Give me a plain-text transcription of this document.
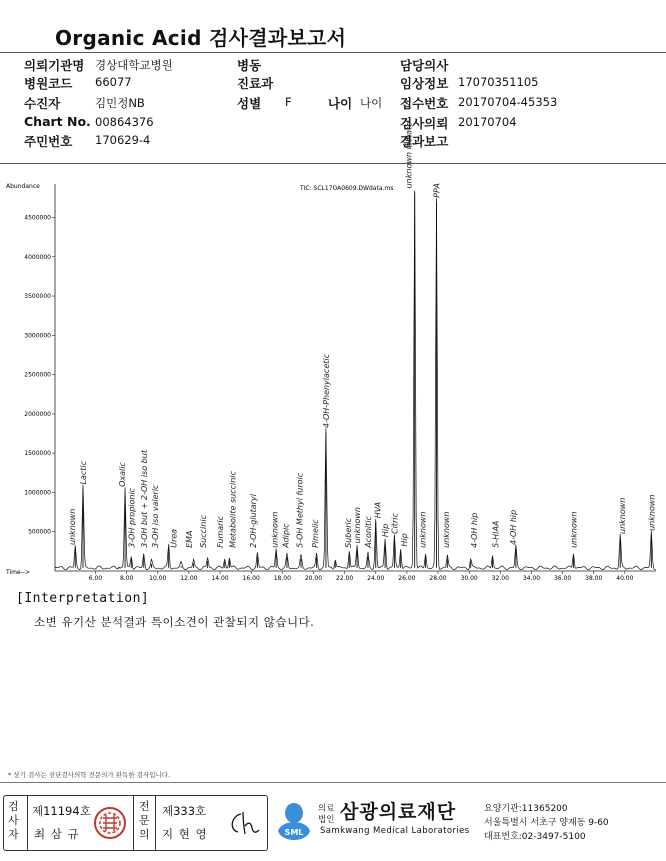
Organic Acid 검사결과보고서
의뢰기관명 경상대학교병원
병원코드 66077
수진자	김민정NB
Chart No. 00864376
주민번호 170629-4
병동
진료과
성별 F	나이 나이
담당의사
임상정보 17070351105
접수번호 20170704-45353
검사의뢰 20170704
결과보고
Abundance	TIC: SCL17OA0609.DWdata.ms
Time-->
500000
1000000
1500000
2000000
2500000
3000000
3500000
4000000
4500000
6.00	8.00	10.00 12.00 14.00 16.00 18.00 20.00 22.00 24.00 26.00 28.00 30.00 32.00 34.00 36.00 38.00 40.00
unknown
Lactic	Oxalic
3-OH propionic 3-OH but + 2-OH iso but 3-OH iso valeric Urea EMA Succinic Fumaric Metabolite succinic 2-OH-glutaryl unknown Adipic 5-OH Methyl furoic Pimelic
4-OH-Phenylacetic
Suberic unknown Aconitic
HVA
Hip Citric
Hip
unknown lactate
unknown
PPA
unknown 4-OH hip 5-HIAA 4-OH hip	unknown	unknown	unknown
[Interpretation]
소변 유기산 분석결과 특이소견이 관찰되지 않습니다.
* 상기 검사는 진단검사의학 전문의가 판독한 검사입니다.
검사자
제11194호
최 삼 규
전문의
제333호
지 현 영	SML
의료
법인 삼광의료재단
Samkwang Medical Laboratories
요양기관:11365200
서울특별시 서초구 양재동 9-60
대표번호:02-3497-5100
